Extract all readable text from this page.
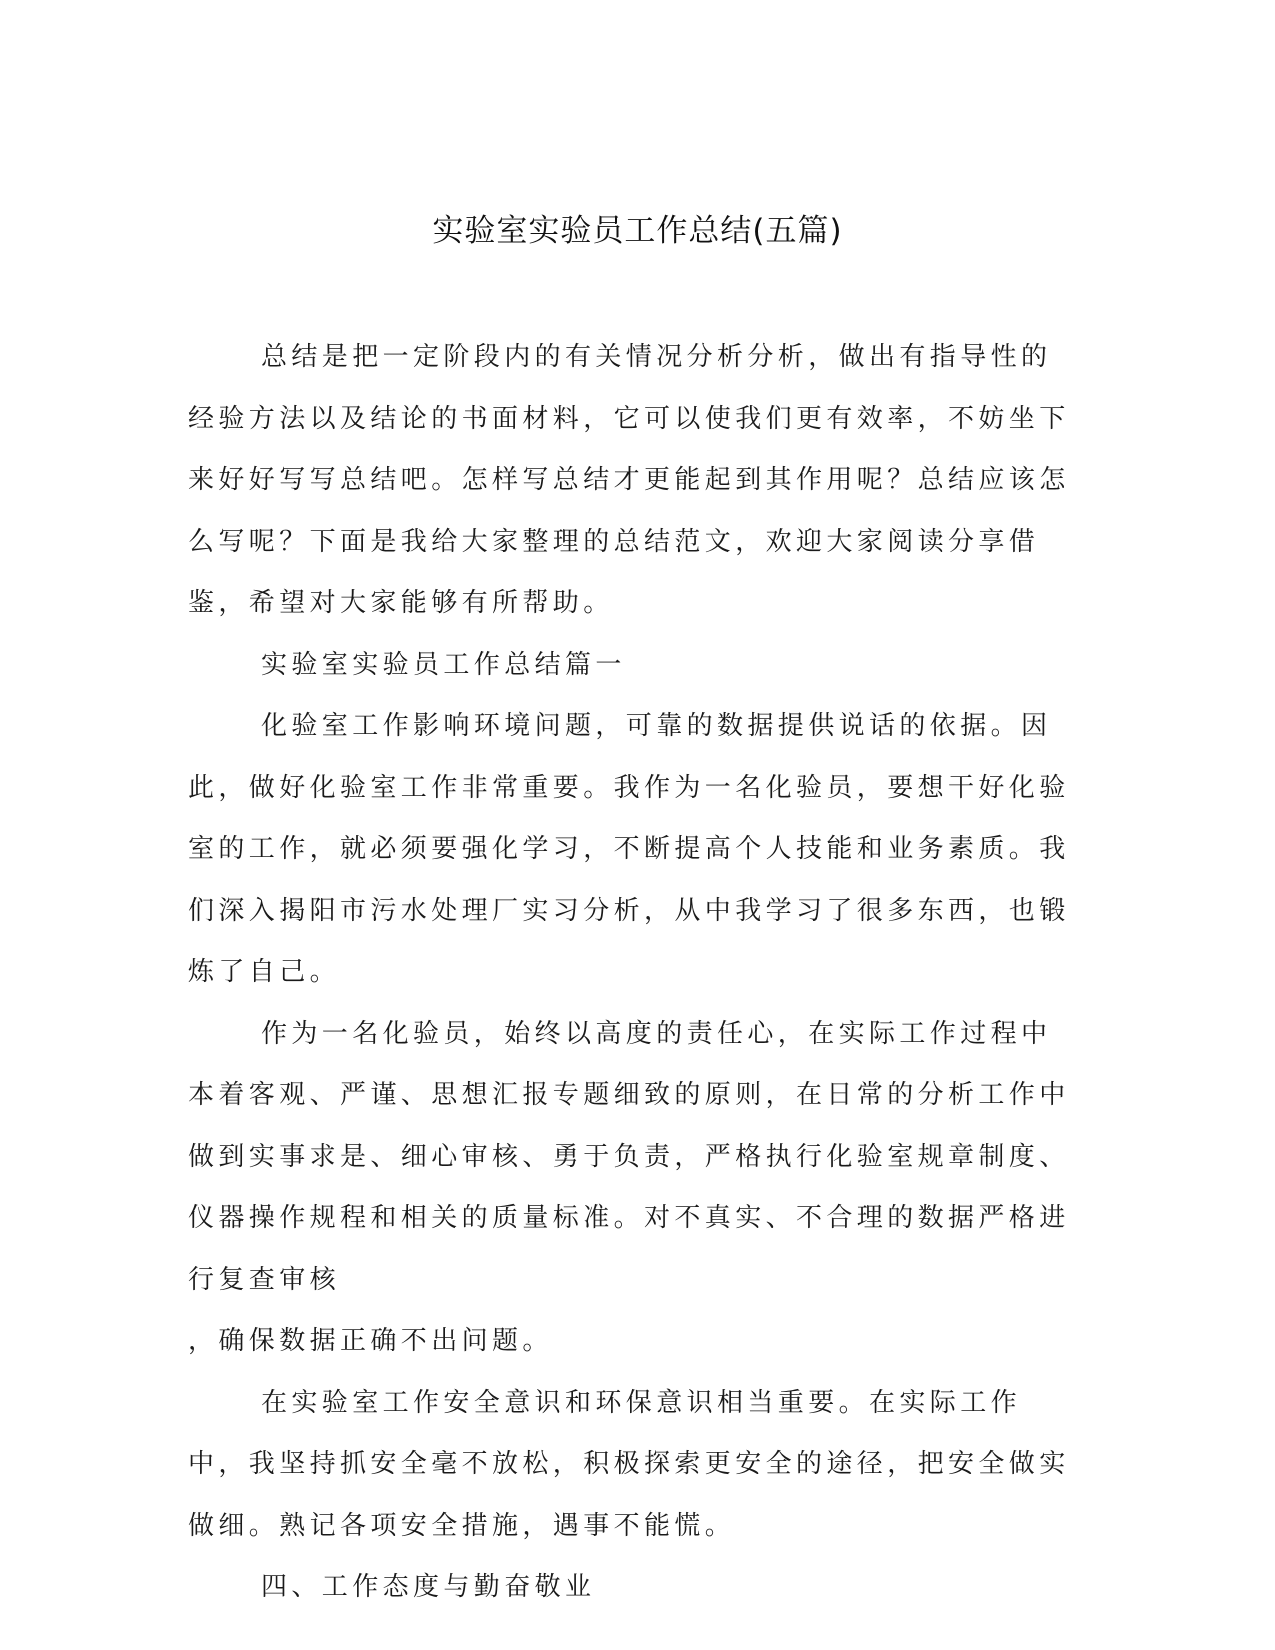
实验室实验员工作总结(五篇)

总结是把一定阶段内的有关情况分析分析，做出有指导性的经验方法以及结论的书面材料，它可以使我们更有效率，不妨坐下来好好写写总结吧。怎样写总结才更能起到其作用呢？总结应该怎么写呢？下面是我给大家整理的总结范文，欢迎大家阅读分享借鉴，希望对大家能够有所帮助。

实验室实验员工作总结篇一

化验室工作影响环境问题，可靠的数据提供说话的依据。因此，做好化验室工作非常重要。我作为一名化验员，要想干好化验室的工作，就必须要强化学习，不断提高个人技能和业务素质。我们深入揭阳市污水处理厂实习分析，从中我学习了很多东西，也锻炼了自己。

作为一名化验员，始终以高度的责任心，在实际工作过程中本着客观、严谨、思想汇报专题细致的原则，在日常的分析工作中做到实事求是、细心审核、勇于负责，严格执行化验室规章制度、仪器操作规程和相关的质量标准。对不真实、不合理的数据严格进行复查审核

，确保数据正确不出问题。

在实验室工作安全意识和环保意识相当重要。在实际工作中，我坚持抓安全毫不放松，积极探索更安全的途径，把安全做实做细。熟记各项安全措施，遇事不能慌。

四、工作态度与勤奋敬业
